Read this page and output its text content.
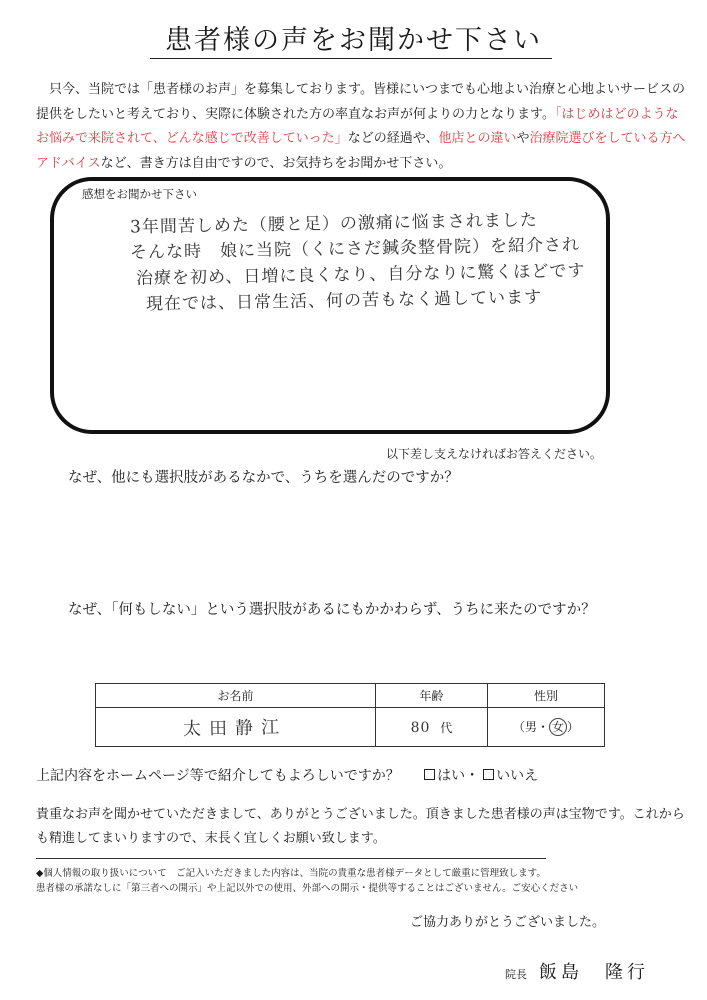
患者様の声をお聞かせ下さい
　只今、当院では「患者様のお声」を募集しております。皆様にいつまでも心地よい治療と心地よいサービスの提供をしたいと考えており、実際に体験された方の率直なお声が何よりの力となります。「はじめはどのようなお悩みで来院されて、どんな感じで改善していった」などの経過や、他店との違いや治療院選びをしている方へアドバイスなど、書き方は自由ですので、お気持ちをお聞かせ下さい。
感想をお聞かせ下さい
3年間苦しめた（腰と足）の激痛に悩まされました
そんな時　娘に当院（くにさだ鍼灸整骨院）を紹介され
治療を初め、日増に良くなり、自分なりに驚くほどです
現在では、日常生活、何の苦もなく過しています
以下差し支えなければお答えください。
なぜ、他にも選択肢があるなかで、うちを選んだのですか？
なぜ、「何もしない」という選択肢があるにもかかわらず、うちに来たのですか？
お名前	年齢	性別
太田静江	80 代	（男・ 女 ）
上記内容をホームページ等で紹介してもよろしいですか？	はい・ いいえ
貴重なお声を聞かせていただきまして、ありがとうございました。頂きました患者様の声は宝物です。これからも精進してまいりますので、末長く宜しくお願い致します。
◆個人情報の取り扱いについて　ご記入いただきました内容は、当院の貴重な患者様データとして厳重に管理致します。
患者様の承諾なしに「第三者への開示」や上記以外での使用、外部への開示・提供等することはございません。ご安心ください
ご協力ありがとうございました。
院長 飯島　隆行
